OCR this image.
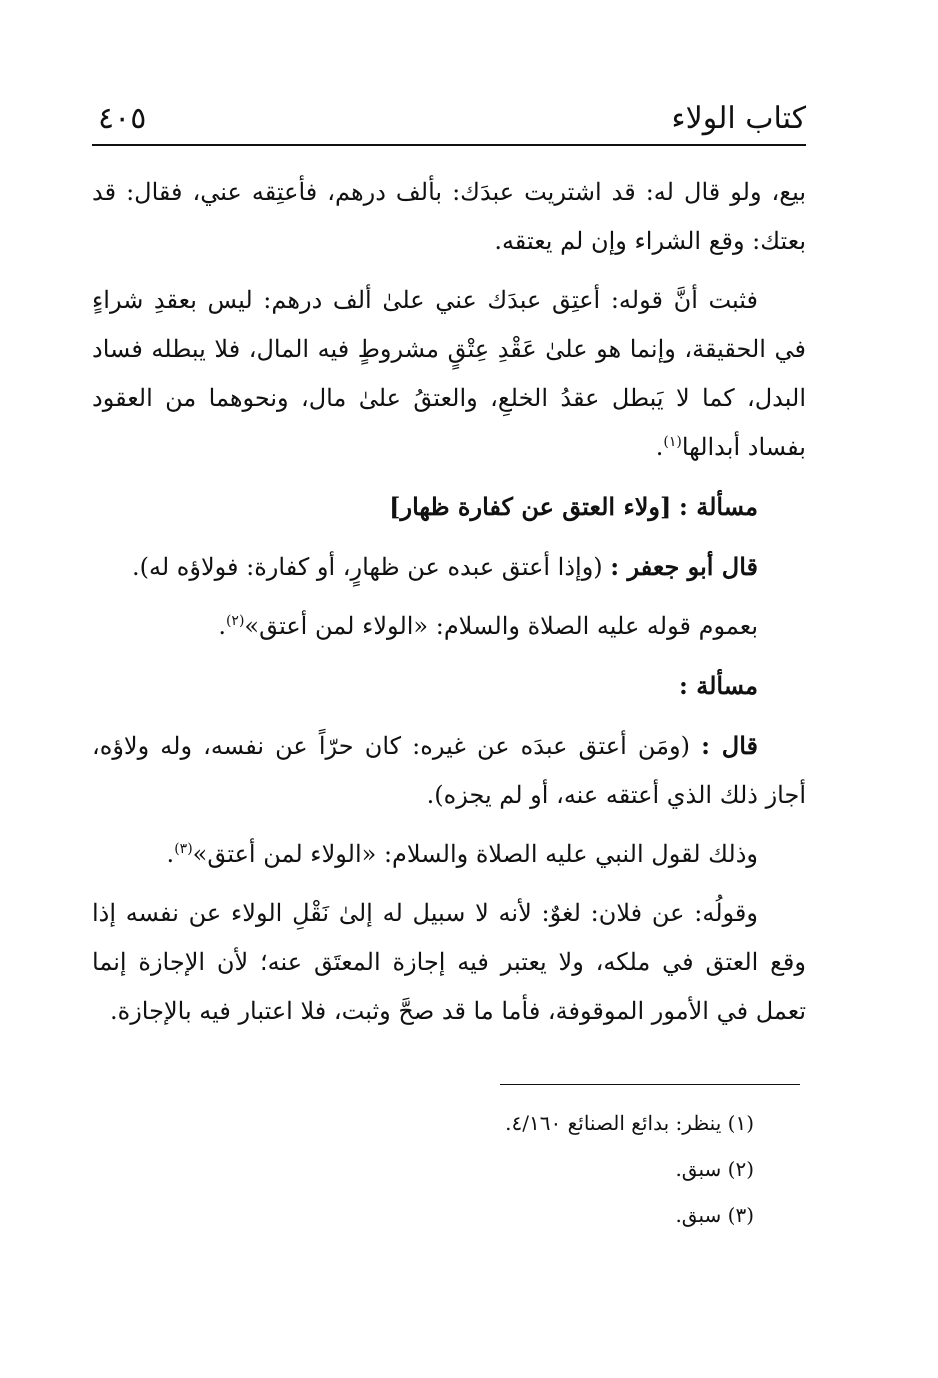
كتاب الولاء
٤٠٥

بيع، ولو قال له: قد اشتريت عبدَك: بألف درهم، فأعتِقه عني، فقال: قد بعتك: وقع الشراء وإن لم يعتقه.

فثبت أنَّ قوله: أعتِق عبدَك عني علىٰ ألف درهم: ليس بعقدِ شراءٍ في الحقيقة، وإنما هو علىٰ عَقْدِ عِتْقٍ مشروطٍ فيه المال، فلا يبطله فساد البدل، كما لا يَبطل عقدُ الخلعِ، والعتقُ علىٰ مال، ونحوهما من العقود بفساد أبدالها$^{(١)}$.

مسألة : [ولاء العتق عن كفارة ظهار]

قال أبو جعفر : (وإذا أعتق عبده عن ظهارٍ، أو كفارة: فولاؤه له).

بعموم قوله عليه الصلاة والسلام: «الولاء لمن أعتق»$^{(٢)}$.

مسألة :

قال : (ومَن أعتق عبدَه عن غيره: كان حرّاً عن نفسه، وله ولاؤه، أجاز ذلك الذي أعتقه عنه، أو لم يجزه).

وذلك لقول النبي عليه الصلاة والسلام: «الولاء لمن أعتق»$^{(٣)}$.

وقولُه: عن فلان: لغوٌ: لأنه لا سبيل له إلىٰ نَقْلِ الولاء عن نفسه إذا وقع العتق في ملكه، ولا يعتبر فيه إجازة المعتَق عنه؛ لأن الإجازة إنما تعمل في الأمور الموقوفة، فأما ما قد صحَّ وثبت، فلا اعتبار فيه بالإجازة.

(١) ينظر: بدائع الصنائع ٤/١٦٠.

(٢) سبق.

(٣) سبق.
